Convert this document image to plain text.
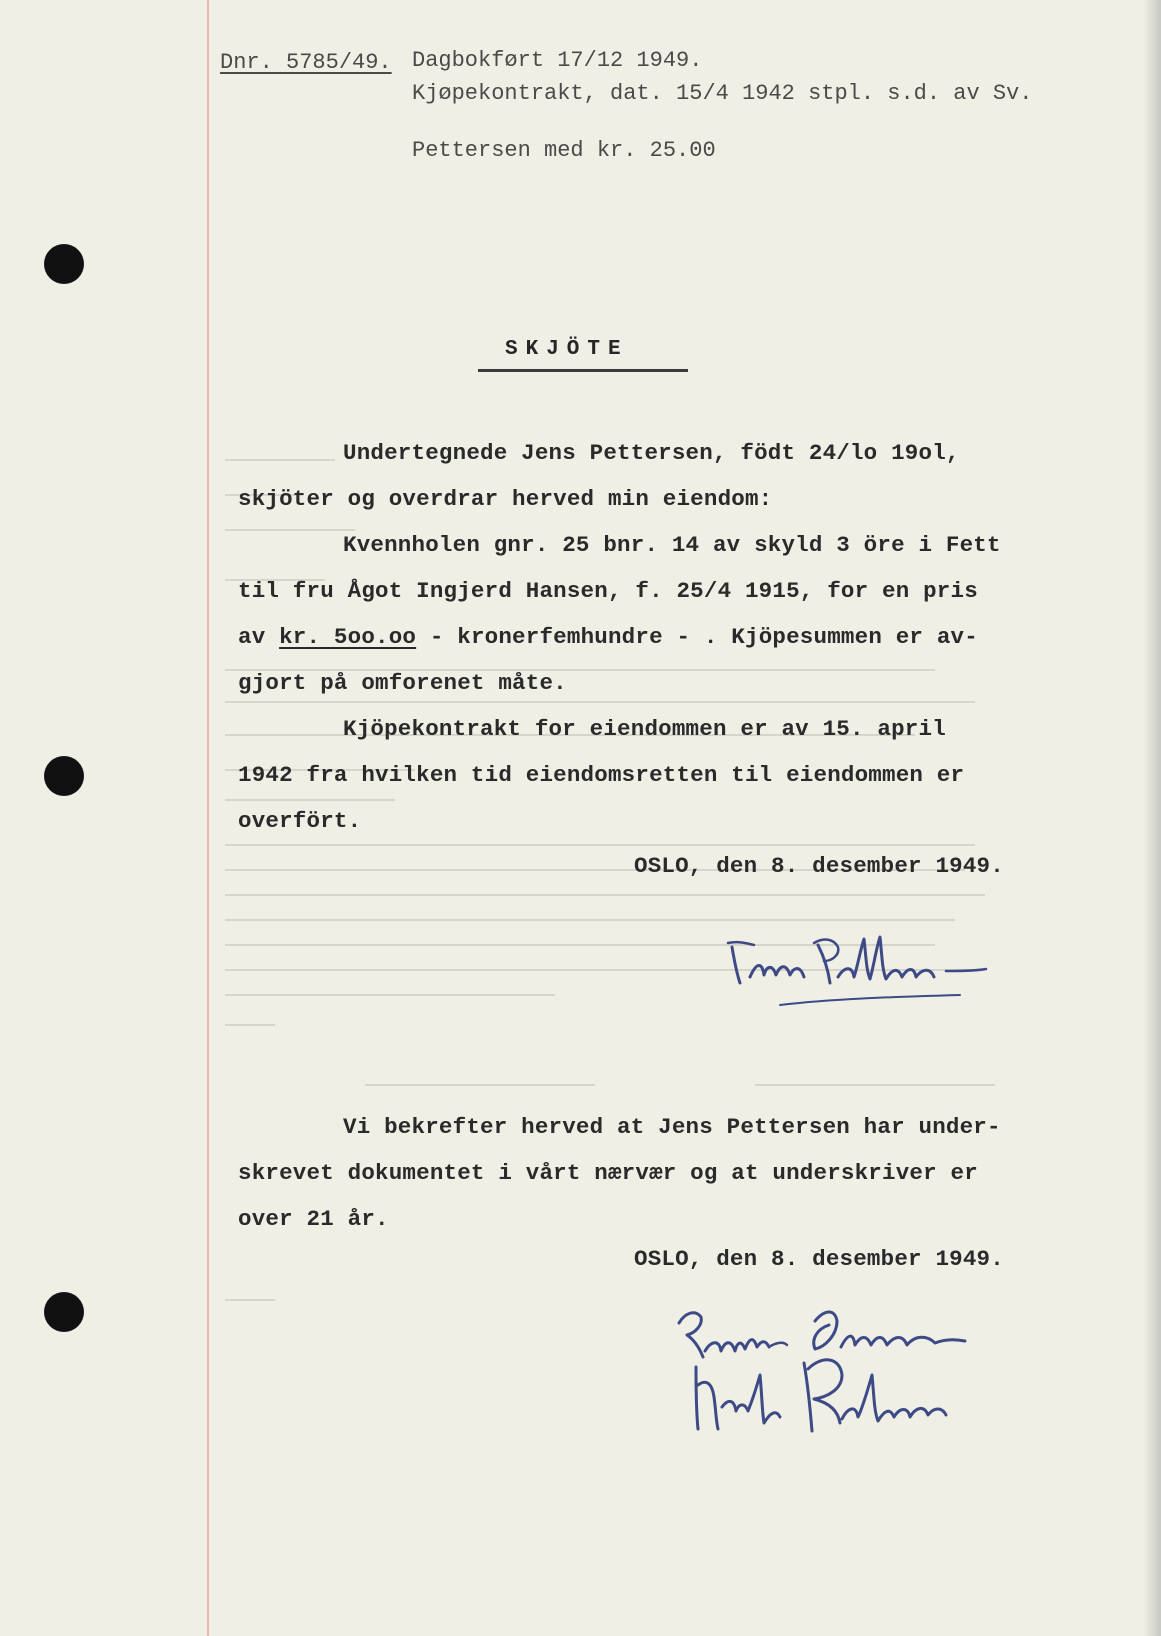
Dnr. 5785/49. Dagbokført 17/12 1949.
Kjøpekontrakt, dat. 15/4 1942 stpl. s.d. av Sv.
Pettersen med kr. 25.00
SKJÖTE
Undertegnede Jens Pettersen, födt 24/lo 19ol,
skjöter og overdrar herved min eiendom:
Kvennholen gnr. 25 bnr. 14 av skyld 3 öre i Fett
til fru Ågot Ingjerd Hansen, f. 25/4 1915, for en pris
av kr. 5oo.oo - kronerfemhundre - . Kjöpesummen er av-
gjort på omforenet måte.
Kjöpekontrakt for eiendommen er av 15. april
1942 fra hvilken tid eiendomsretten til eiendommen er
overfört.
OSLO, den 8. desember 1949.
Vi bekrefter herved at Jens Pettersen har under-
skrevet dokumentet i vårt nærvær og at underskriver er
over 21 år.
OSLO, den 8. desember 1949.
